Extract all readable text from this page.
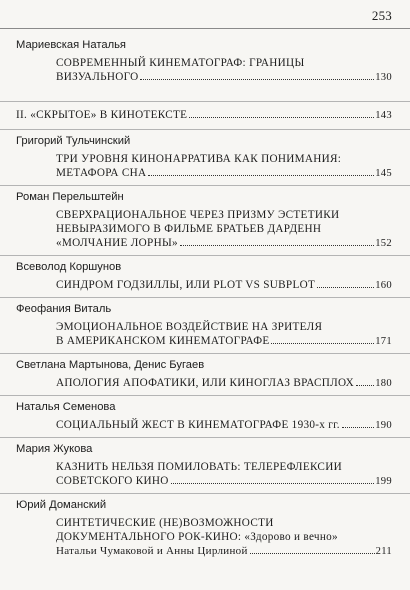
253
Мариевская Наталья
СОВРЕМЕННЫЙ КИНЕМАТОГРАФ: ГРАНИЦЫ
ВИЗУАЛЬНОГО	130
II. «СКРЫТОЕ» В КИНОТЕКСТЕ	143
Григорий Тульчинский
ТРИ УРОВНЯ КИНОНАРРАТИВА КАК ПОНИМАНИЯ:
МЕТАФОРА СНА	145
Роман Перельштейн
СВЕРХРАЦИОНАЛЬНОЕ ЧЕРЕЗ ПРИЗМУ ЭСТЕТИКИ
НЕВЫРАЗИМОГО В ФИЛЬМЕ БРАТЬЕВ ДАРДЕНН
«МОЛЧАНИЕ ЛОРНЫ»	152
Всеволод Коршунов
СИНДРОМ ГОДЗИЛЛЫ, ИЛИ PLOT VS SUBPLOT	160
Феофания Виталь
ЭМОЦИОНАЛЬНОЕ ВОЗДЕЙСТВИЕ НА ЗРИТЕЛЯ
В АМЕРИКАНСКОМ КИНЕМАТОГРАФЕ	171
Светлана Мартынова, Денис Бугаев
АПОЛОГИЯ АПОФАТИКИ, ИЛИ КИНОГЛАЗ ВРАСПЛОХ 180
Наталья Семенова
СОЦИАЛЬНЫЙ ЖЕСТ В КИНЕМАТОГРАФЕ 1930-х гг.	190
Мария Жукова
КАЗНИТЬ НЕЛЬЗЯ ПОМИЛОВАТЬ: ТЕЛЕРЕФЛЕКСИИ
СОВЕТСКОГО КИНО	199
Юрий Доманский
СИНТЕТИЧЕСКИЕ (НЕ)ВОЗМОЖНОСТИ
ДОКУМЕНТАЛЬНОГО РОК-КИНО: «Здорово и вечно»
Натальи Чумаковой и Анны Цирлиной	211
